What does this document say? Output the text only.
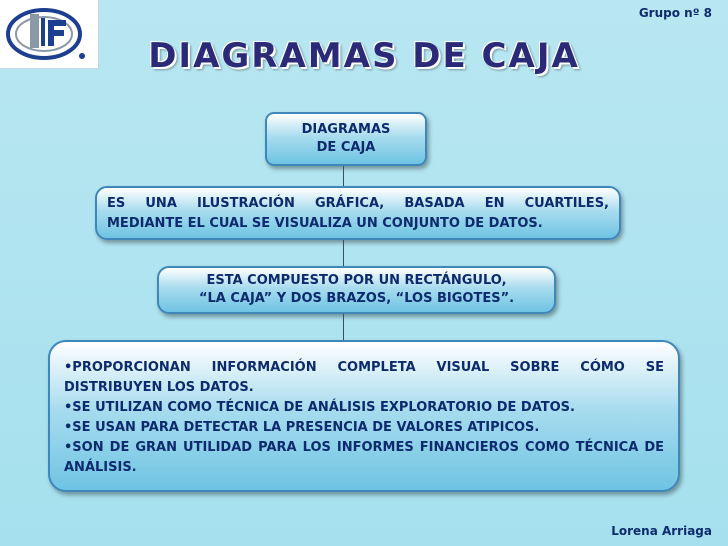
Grupo nº 8
DIAGRAMAS DE CAJA
DIAGRAMAS
DE CAJA
ES UNA ILUSTRACIÓN GRÁFICA, BASADA EN CUARTILES,
MEDIANTE EL CUAL SE VISUALIZA UN CONJUNTO DE DATOS.
ESTA COMPUESTO POR UN RECTÁNGULO,
“LA CAJA” Y DOS BRAZOS, “LOS BIGOTES”.
•PROPORCIONAN INFORMACIÓN COMPLETA VISUAL SOBRE CÓMO SE DISTRIBUYEN LOS DATOS.
•SE UTILIZAN COMO TÉCNICA DE ANÁLISIS EXPLORATORIO DE DATOS.
•SE USAN PARA DETECTAR LA PRESENCIA DE VALORES ATIPICOS.
•SON DE GRAN UTILIDAD PARA LOS INFORMES FINANCIEROS COMO TÉCNICA DE ANÁLISIS.
Lorena Arriaga
